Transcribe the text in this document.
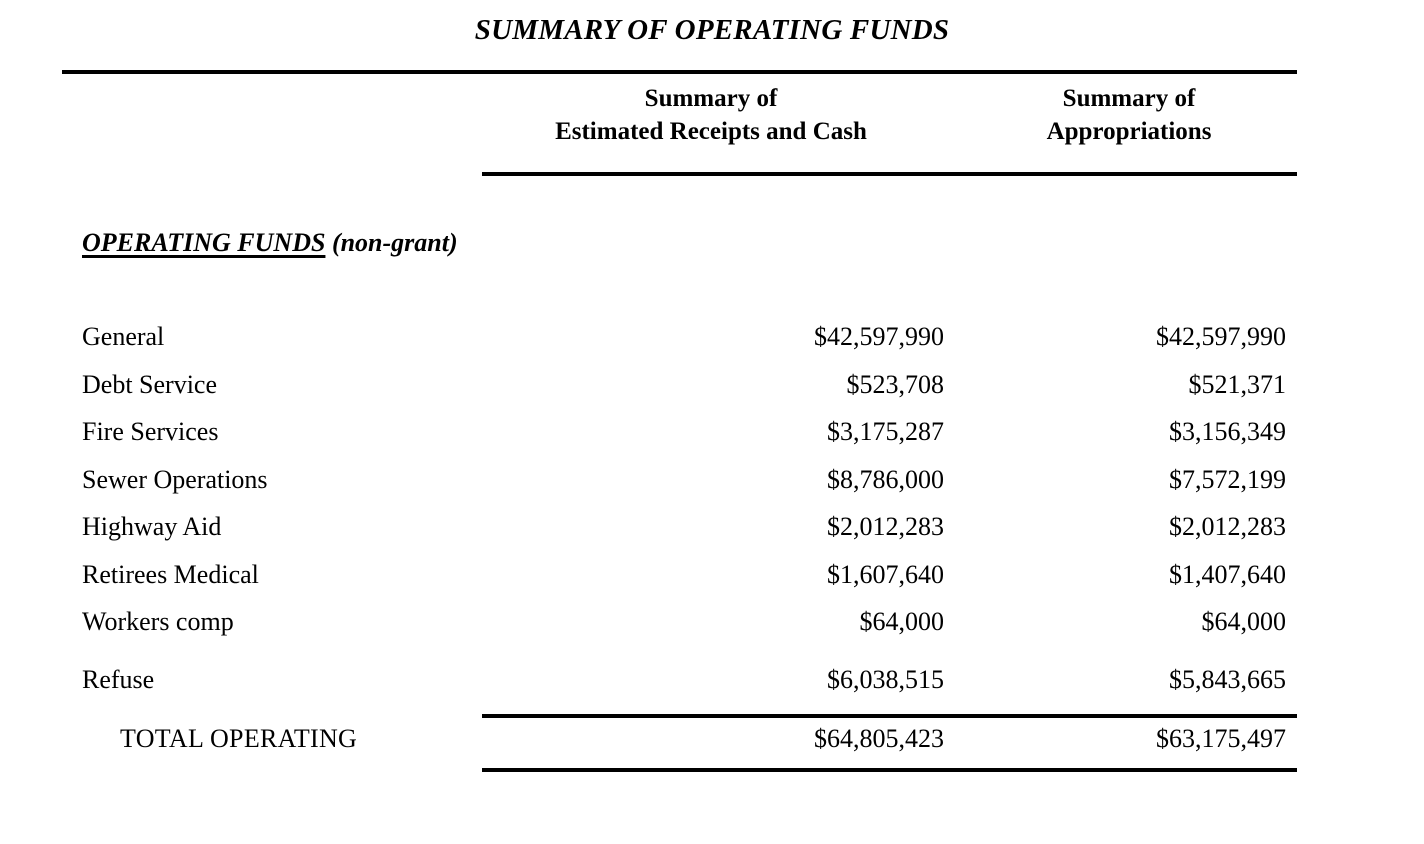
SUMMARY OF OPERATING FUNDS
Summary of
Estimated Receipts and Cash
Summary of
Appropriations
OPERATING FUNDS (non-grant)
General	$42,597,990	$42,597,990
Debt Service	$523,708	$521,371
Fire Services	$3,175,287	$3,156,349
Sewer Operations	$8,786,000	$7,572,199
Highway Aid	$2,012,283	$2,012,283
Retirees Medical	$1,607,640	$1,407,640
Workers comp	$64,000	$64,000
Refuse	$6,038,515	$5,843,665
TOTAL OPERATING	$64,805,423	$63,175,497
